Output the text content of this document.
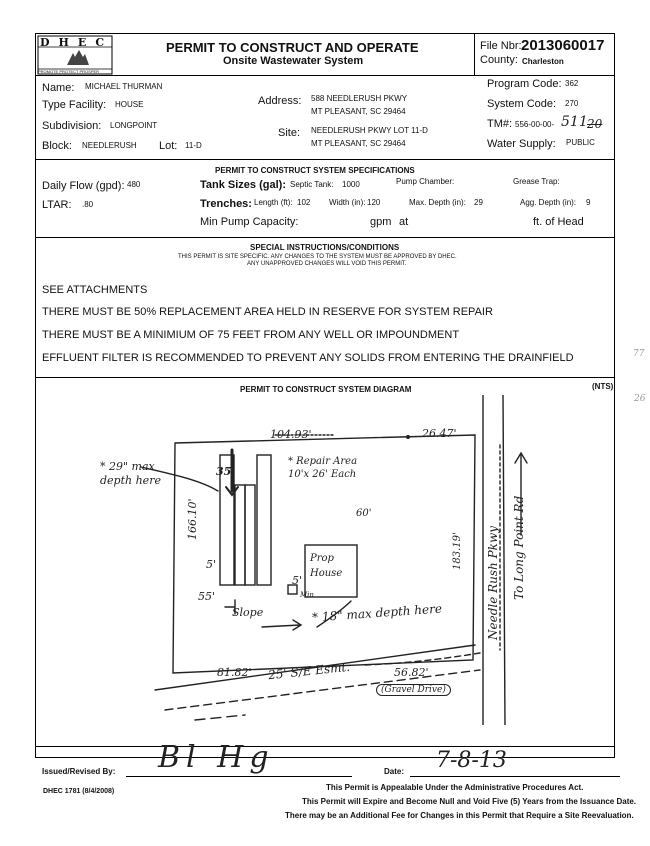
DHEC
PROMOTE PROTECT PROSPER
PERMIT TO CONSTRUCT AND OPERATE
Onsite Wastewater System
File Nbr: 2013060017
County: Charleston
Name: MICHAEL THURMAN
Type Facility: HOUSE
Subdivision: LONGPOINT
Block: NEEDLERUSH Lot: 11-D
Address: 588 NEEDLERUSH PKWY
MT PLEASANT, SC 29464
Site: NEEDLERUSH PKWY LOT 11-D
MT PLEASANT, SC 29464
Program Code: 362
System Code: 270
TM#: 556-00-00- 511 20
Water Supply: PUBLIC
PERMIT TO CONSTRUCT SYSTEM SPECIFICATIONS
Daily Flow (gpd): 480
LTAR: .80
Tank Sizes (gal): Septic Tank: 1000	Pump Chamber:	Grease Trap:
Trenches: Length (ft): 102 Width (in): 120	Max. Depth (in): 29	Agg. Depth (in): 9
Min Pump Capacity:	gpm at	ft. of Head
SPECIAL INSTRUCTIONS/CONDITIONS
THIS PERMIT IS SITE SPECIFIC. ANY CHANGES TO THE SYSTEM MUST BE APPROVED BY DHEC.
ANY UNAPPROVED CHANGES WILL VOID THIS PERMIT.
SEE ATTACHMENTS
THERE MUST BE 50% REPLACEMENT AREA HELD IN RESERVE FOR SYSTEM REPAIR
THERE MUST BE A MINIMIUM OF 75 FEET FROM ANY WELL OR IMPOUNDMENT
EFFLUENT FILTER IS RECOMMENDED TO PREVENT ANY SOLIDS FROM ENTERING THE DRAINFIELD	77
26
PERMIT TO CONSTRUCT SYSTEM DIAGRAM	(NTS)
104.93'	26.47'
* 29" max depth here
* Repair Area 10'x 26' Each
35'
166.10'
5'
5'
Min
55'
Prop House
60'
Slope	* 18" max depth here
183.19'
81.82' 25' S/E Esmt.	56.82'
(Gravel Drive)
Needle Rush Pkwy To Long Point Rd
Issued/Revised By: Bl Hg	Date: 7-8-13
DHEC 1781 (8/4/2008)	This Permit is Appealable Under the Administrative Procedures Act.
This Permit will Expire and Become Null and Void Five (5) Years from the Issuance Date.
There may be an Additional Fee for Changes in this Permit that Require a Site Reevaluation.
